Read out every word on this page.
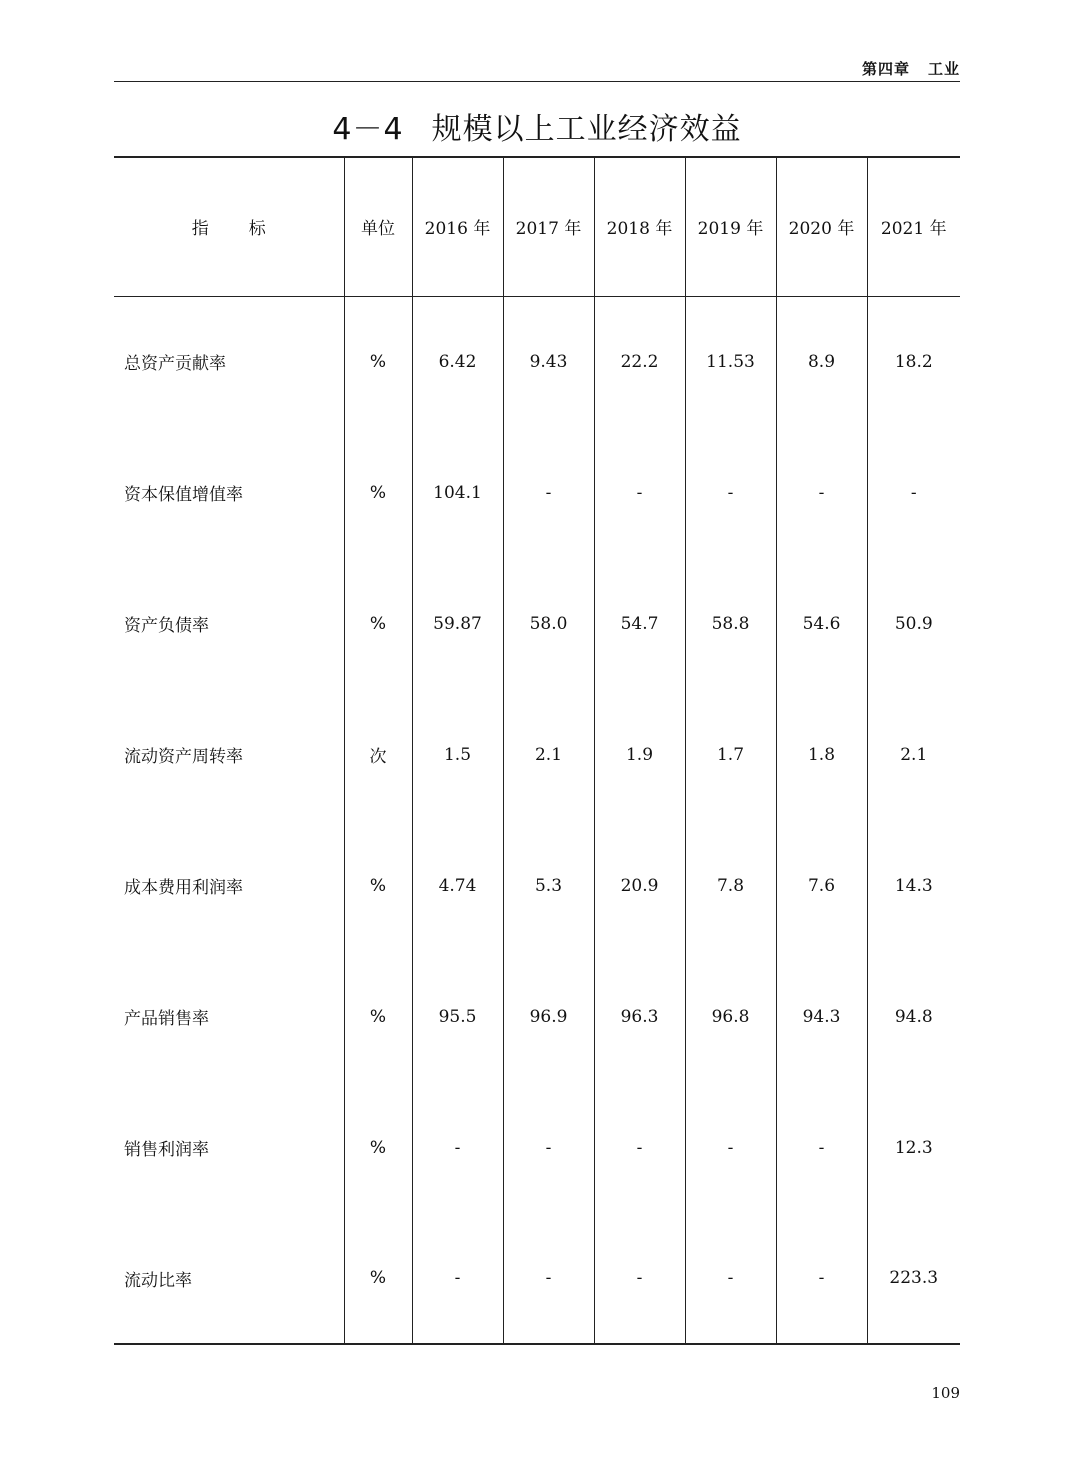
第四章 工业
4－4 规模以上工业经济效益
指标	单位	2016 年	2017 年	2018 年	2019 年	2020 年	2021 年
总资产贡献率	%	6.42	9.43	22.2	11.53	8.9	18.2
资本保值增值率	%	104.1	-	-	-	-	-
资产负债率	%	59.87	58.0	54.7	58.8	54.6	50.9
流动资产周转率	次	1.5	2.1	1.9	1.7	1.8	2.1
成本费用利润率	%	4.74	5.3	20.9	7.8	7.6	14.3
产品销售率	%	95.5	96.9	96.3	96.8	94.3	94.8
销售利润率	%	-	-	-	-	-	12.3
流动比率	%	-	-	-	-	-	223.3
109
